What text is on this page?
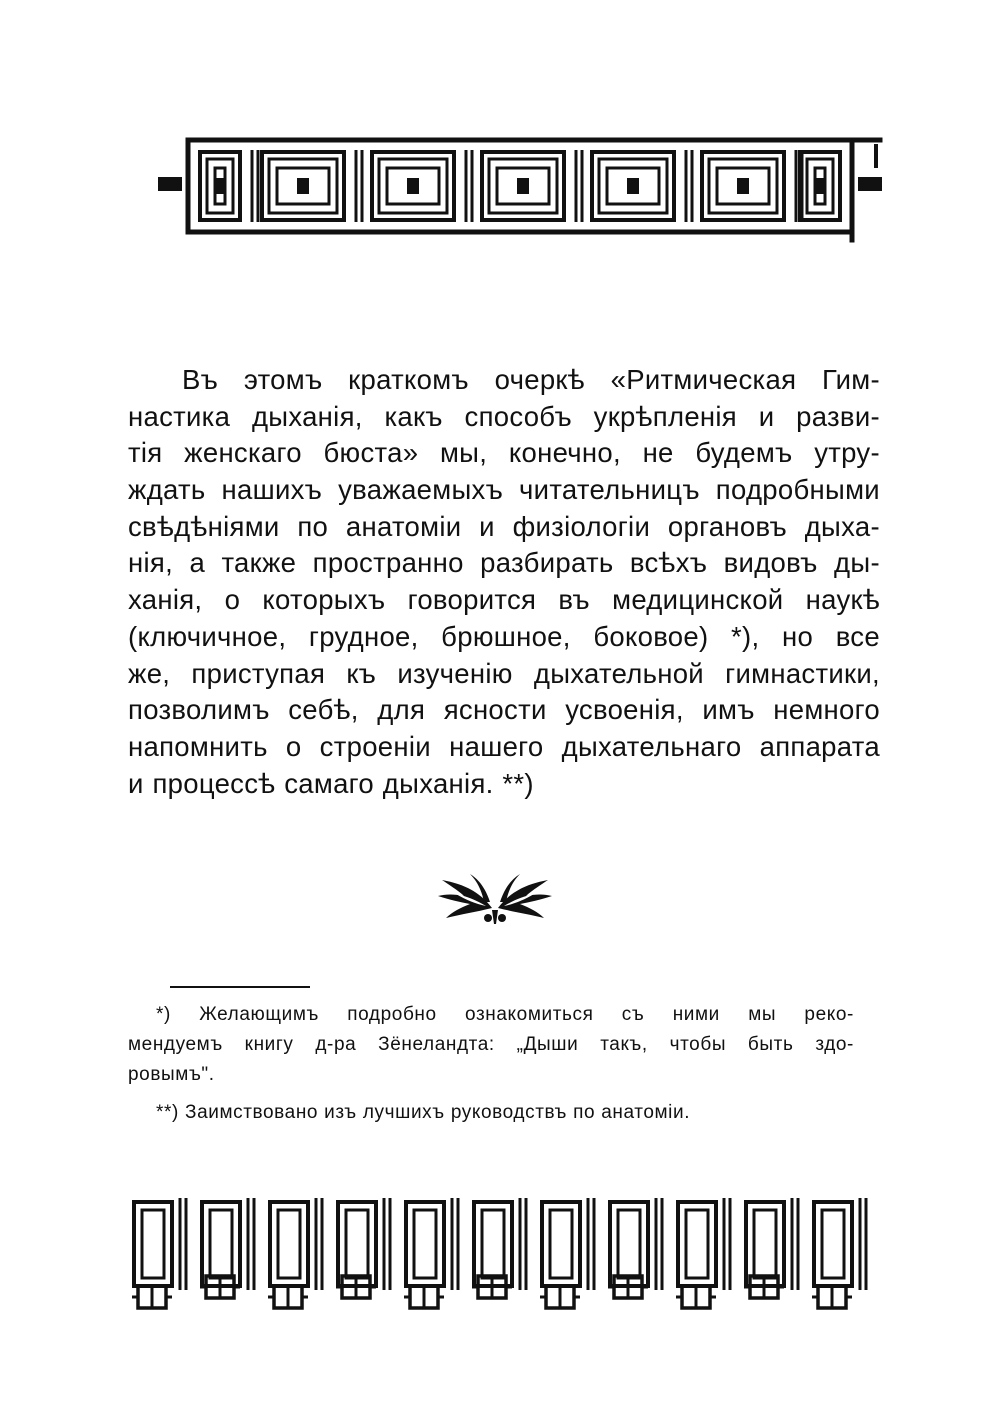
Въ этомъ краткомъ очеркѣ «Ритмическая Гим-
настика дыханія, какъ способъ укрѣпленія и разви-
тія женскаго бюста» мы, конечно, не будемъ утру-
ждать нашихъ уважаемыхъ читательницъ подробными
свѣдѣніями по анатоміи и физіологіи органовъ дыха-
нія, а также пространно разбирать всѣхъ видовъ ды-
ханія, о которыхъ говорится въ медицинской наукѣ
(ключичное, грудное, брюшное, боковое) *), но все
же, приступая къ изученію дыхательной гимнастики,
позволимъ себѣ, для ясности усвоенія, имъ немного
напомнить о строеніи нашего дыхательнаго аппарата
и процессѣ самаго дыханія. **)
*) Желающимъ подробно ознакомиться съ ними мы реко-
мендуемъ книгу д-ра Зёнеландта: „Дыши такъ, чтобы быть здо-
ровымъ".
**) Заимствовано изъ лучшихъ руководствъ по анатоміи.
